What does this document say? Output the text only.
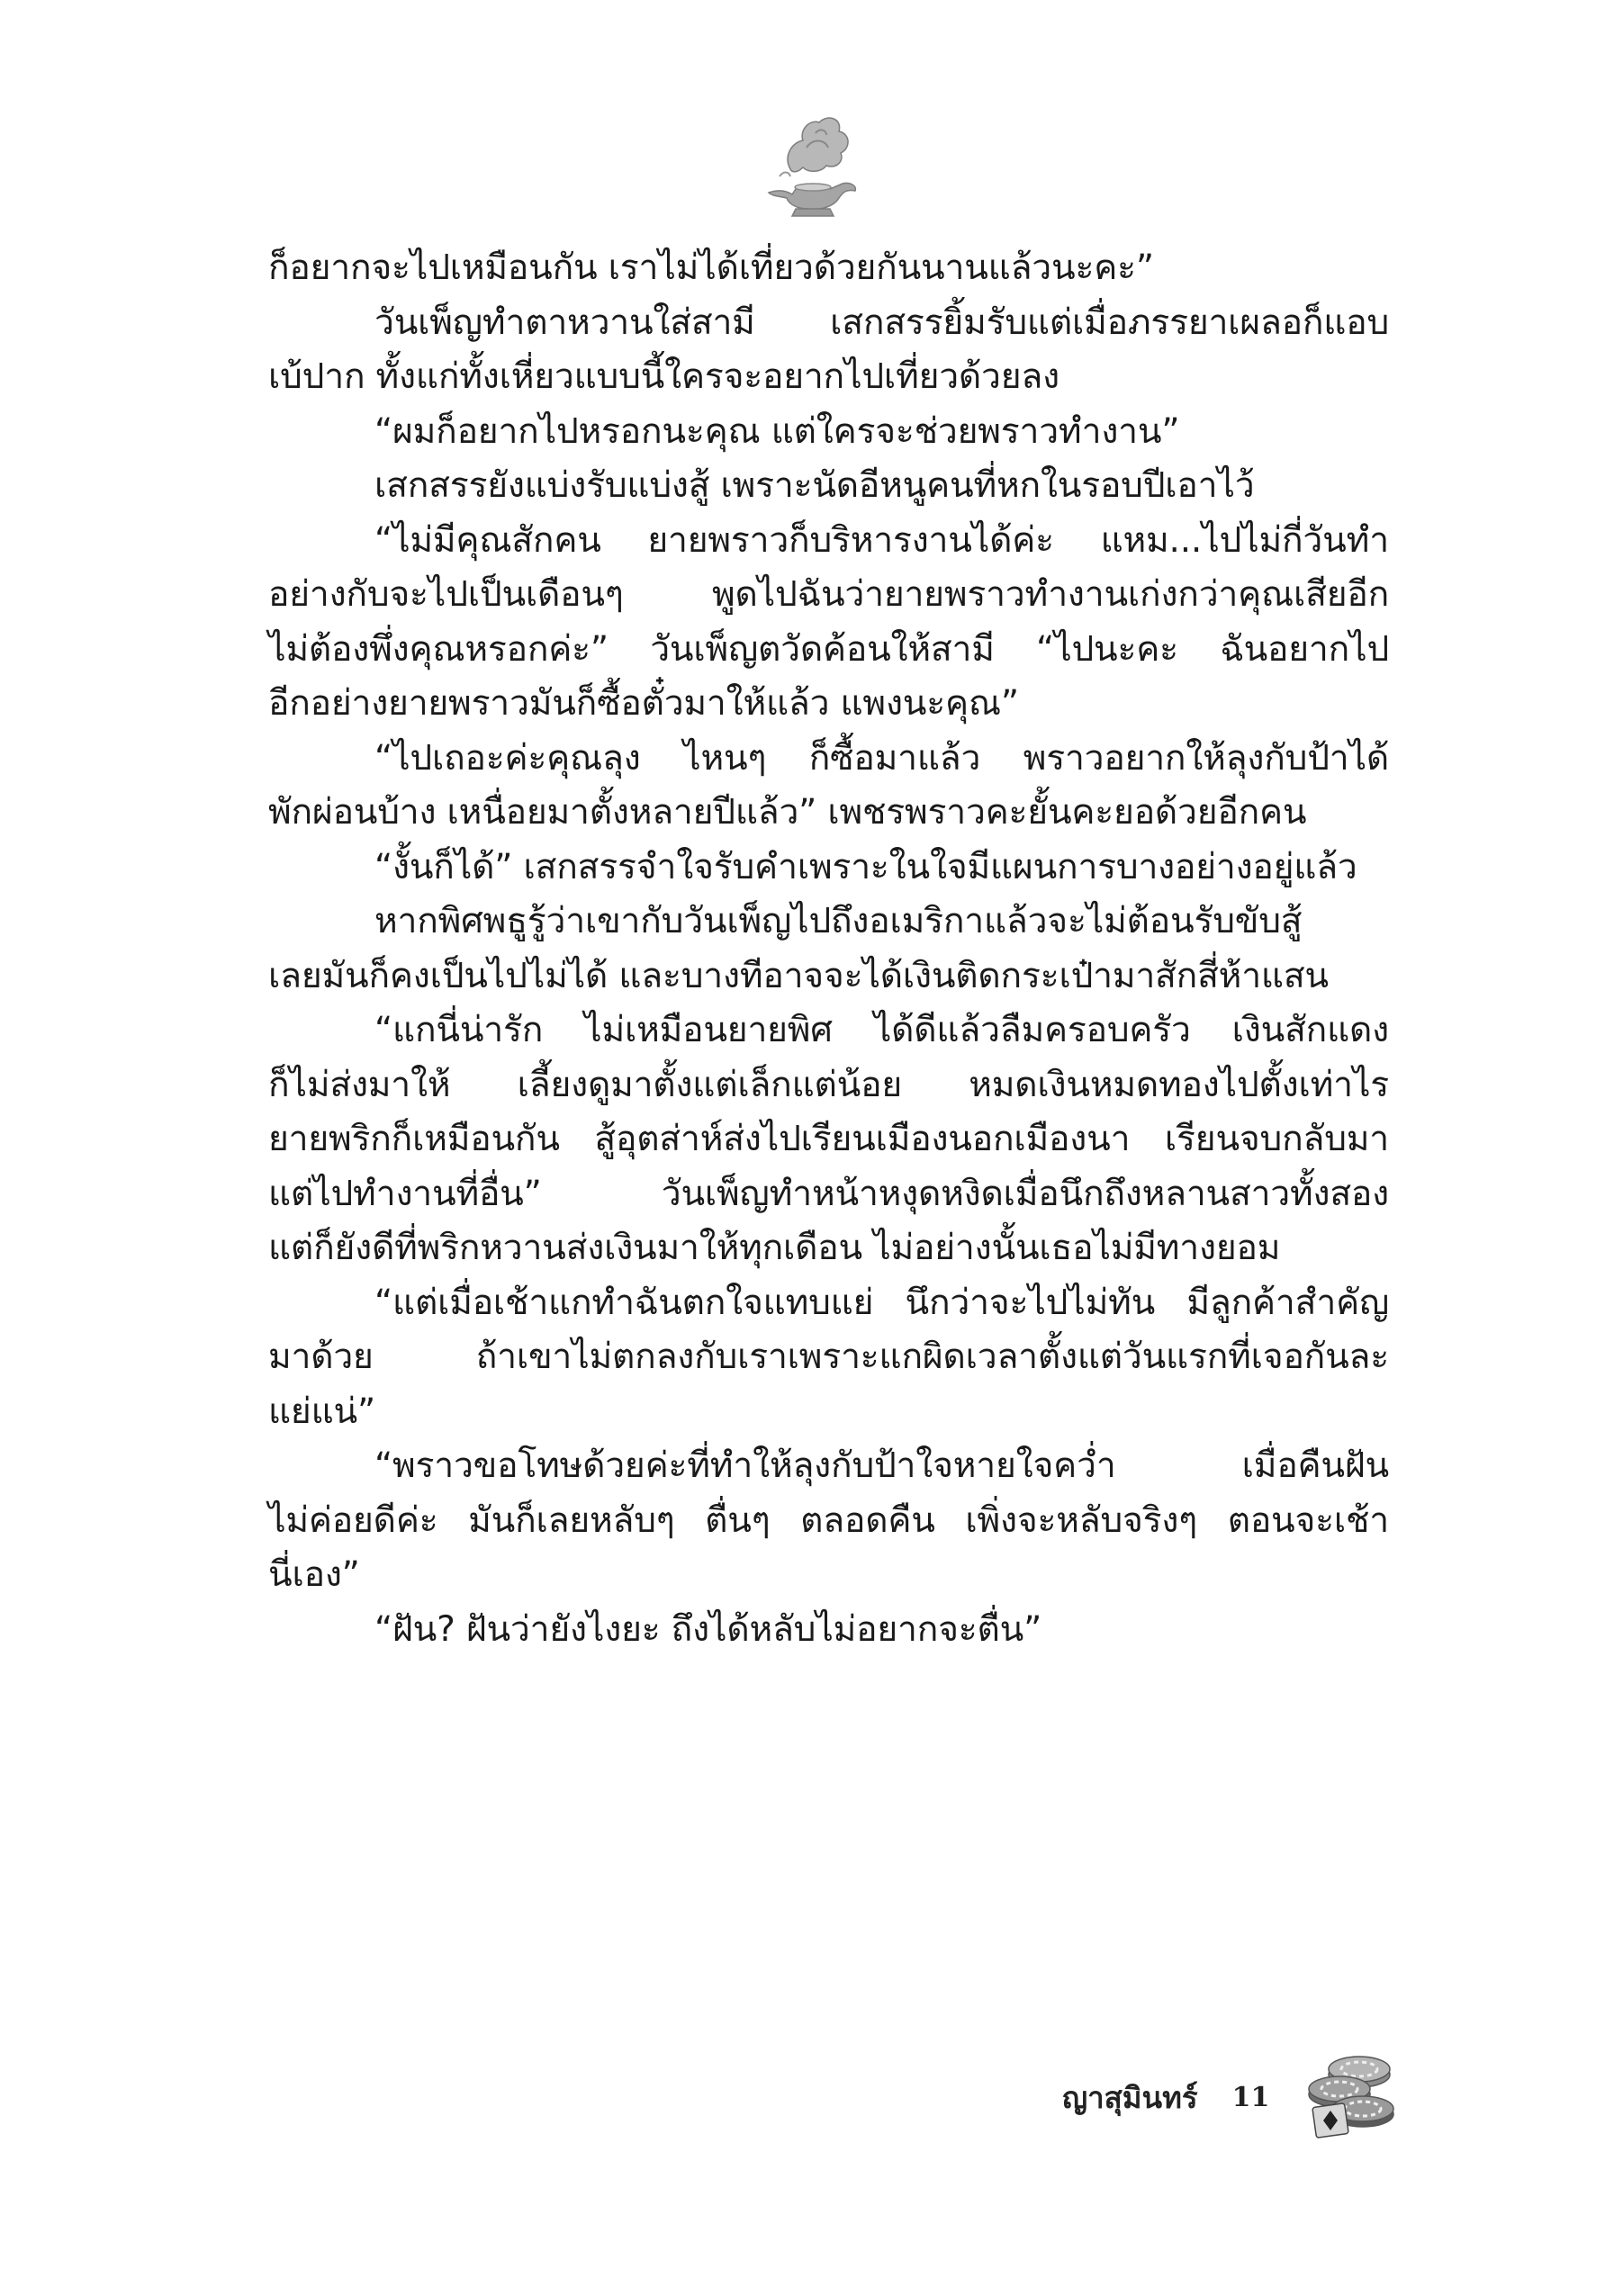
ก็อยากจะไปเหมือนกัน เราไม่ได้เที่ยวด้วยกันนานแล้วนะคะ”

วันเพ็ญทำตาหวานใส่สามี เสกสรรยิ้มรับแต่เมื่อภรรยาเผลอก็แอบ
เบ้ปาก ทั้งแก่ทั้งเหี่ยวแบบนี้ใครจะอยากไปเที่ยวด้วยลง

“ผมก็อยากไปหรอกนะคุณ แต่ใครจะช่วยพราวทำงาน”

เสกสรรยังแบ่งรับแบ่งสู้ เพราะนัดอีหนูคนที่หกในรอบปีเอาไว้

“ไม่มีคุณสักคน ยายพราวก็บริหารงานได้ค่ะ แหม...ไปไม่กี่วันทำ
อย่างกับจะไปเป็นเดือนๆ พูดไปฉันว่ายายพราวทำงานเก่งกว่าคุณเสียอีก
ไม่ต้องพึ่งคุณหรอกค่ะ” วันเพ็ญตวัดค้อนให้สามี “ไปนะคะ ฉันอยากไป
อีกอย่างยายพราวมันก็ซื้อตั๋วมาให้แล้ว แพงนะคุณ”

“ไปเถอะค่ะคุณลุง ไหนๆ ก็ซื้อมาแล้ว พราวอยากให้ลุงกับป้าได้
พักผ่อนบ้าง เหนื่อยมาตั้งหลายปีแล้ว” เพชรพราวคะยั้นคะยอด้วยอีกคน

“งั้นก็ได้” เสกสรรจำใจรับคำเพราะในใจมีแผนการบางอย่างอยู่แล้ว

หากพิศพธูรู้ว่าเขากับวันเพ็ญไปถึงอเมริกาแล้วจะไม่ต้อนรับขับสู้
เลยมันก็คงเป็นไปไม่ได้ และบางทีอาจจะได้เงินติดกระเป๋ามาสักสี่ห้าแสน

“แกนี่น่ารัก ไม่เหมือนยายพิศ ได้ดีแล้วลืมครอบครัว เงินสักแดง
ก็ไม่ส่งมาให้ เลี้ยงดูมาตั้งแต่เล็กแต่น้อย หมดเงินหมดทองไปตั้งเท่าไร
ยายพริกก็เหมือนกัน สู้อุตส่าห์ส่งไปเรียนเมืองนอกเมืองนา เรียนจบกลับมา
แต่ไปทำงานที่อื่น” วันเพ็ญทำหน้าหงุดหงิดเมื่อนึกถึงหลานสาวทั้งสอง
แต่ก็ยังดีที่พริกหวานส่งเงินมาให้ทุกเดือน ไม่อย่างนั้นเธอไม่มีทางยอม

“แต่เมื่อเช้าแกทำฉันตกใจแทบแย่ นึกว่าจะไปไม่ทัน มีลูกค้าสำคัญ
มาด้วย ถ้าเขาไม่ตกลงกับเราเพราะแกผิดเวลาตั้งแต่วันแรกที่เจอกันละ
แย่แน่”

“พราวขอโทษด้วยค่ะที่ทำให้ลุงกับป้าใจหายใจคว่ำ เมื่อคืนฝัน
ไม่ค่อยดีค่ะ มันก็เลยหลับๆ ตื่นๆ ตลอดคืน เพิ่งจะหลับจริงๆ ตอนจะเช้า
นี่เอง”

“ฝัน? ฝันว่ายังไงยะ ถึงได้หลับไม่อยากจะตื่น”

ญาสุมินทร์ 11
